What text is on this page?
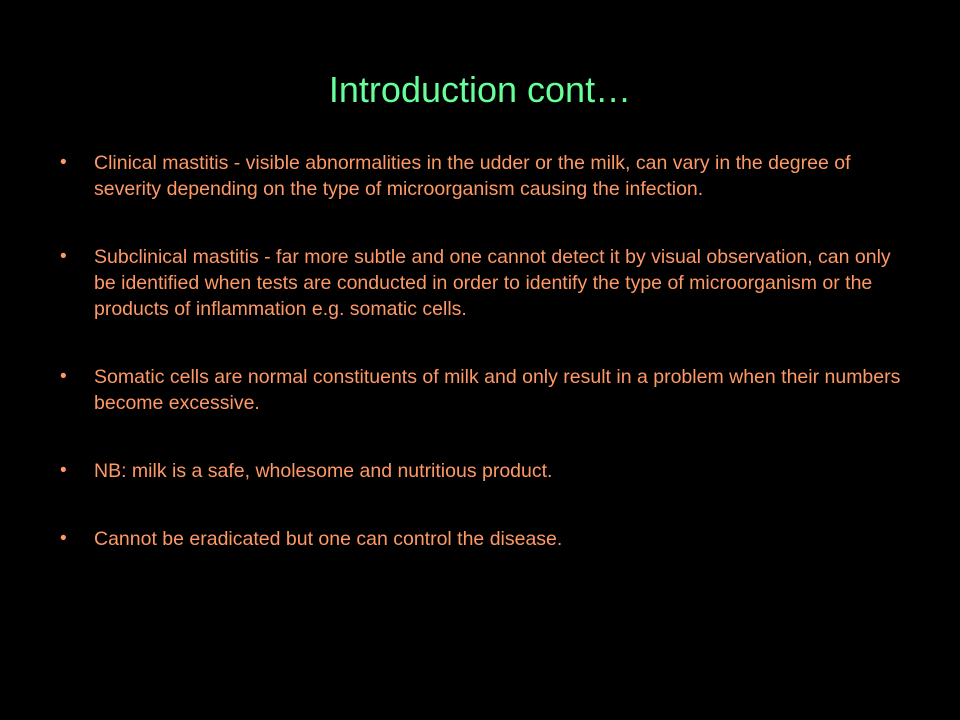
Introduction cont…
• Clinical mastitis - visible abnormalities in the udder or the milk, can vary in the degree of severity depending on the type of microorganism causing the infection.
• Subclinical mastitis - far more subtle and one cannot detect it by visual observation, can only be identified when tests are conducted in order to identify the type of microorganism or the products of inflammation e.g. somatic cells.
• Somatic cells are normal constituents of milk and only result in a problem when their numbers become excessive.
• NB: milk is a safe, wholesome and nutritious product.
• Cannot be eradicated but one can control the disease.
